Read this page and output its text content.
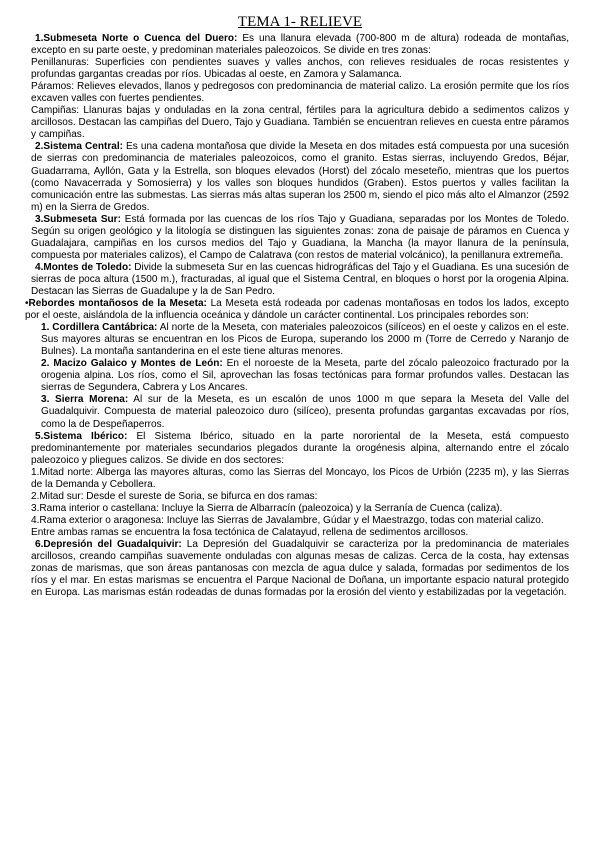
TEMA 1- RELIEVE

1.Submeseta Norte o Cuenca del Duero: Es una llanura elevada (700-800 m de altura) rodeada de montañas, excepto en su parte oeste, y predominan materiales paleozoicos. Se divide en tres zonas:

Penillanuras: Superficies con pendientes suaves y valles anchos, con relieves residuales de rocas resistentes y profundas gargantas creadas por ríos. Ubicadas al oeste, en Zamora y Salamanca.

Páramos: Relieves elevados, llanos y pedregosos con predominancia de material calizo. La erosión permite que los ríos excaven valles con fuertes pendientes.

Campiñas: Llanuras bajas y onduladas en la zona central, fértiles para la agricultura debido a sedimentos calizos y arcillosos. Destacan las campiñas del Duero, Tajo y Guadiana. También se encuentran relieves en cuesta entre páramos y campiñas.

2.Sistema Central: Es una cadena montañosa que divide la Meseta en dos mitades está compuesta por una sucesión de sierras con predominancia de materiales paleozoicos, como el granito. Estas sierras, incluyendo Gredos, Béjar, Guadarrama, Ayllón, Gata y la Estrella, son bloques elevados (Horst) del zócalo meseteño, mientras que los puertos (como Navacerrada y Somosierra) y los valles son bloques hundidos (Graben). Estos puertos y valles facilitan la comunicación entre las submestas. Las sierras más altas superan los 2500 m, siendo el pico más alto el Almanzor (2592 m) en la Sierra de Gredos.

3.Submeseta Sur: Está formada por las cuencas de los ríos Tajo y Guadiana, separadas por los Montes de Toledo. Según su origen geológico y la litología se distinguen las siguientes zonas: zona de paisaje de páramos en Cuenca y Guadalajara, campiñas en los cursos medios del Tajo y Guadiana, la Mancha (la mayor llanura de la península, compuesta por materiales calizos), el Campo de Calatrava (con restos de material volcánico), la penillanura extremeña.

4.Montes de Toledo: Divide la submeseta Sur en las cuencas hidrográficas del Tajo y el Guadiana. Es una sucesión de sierras de poca altura (1500 m.), fracturadas, al igual que el Sistema Central, en bloques o horst por la orogenia Alpina. Destacan las Sierras de Guadalupe y la de San Pedro.

•Rebordes montañosos de la Meseta: La Meseta está rodeada por cadenas montañosas en todos los lados, excepto por el oeste, aislándola de la influencia oceánica y dándole un carácter continental. Los principales rebordes son:

1. Cordillera Cantábrica: Al norte de la Meseta, con materiales paleozoicos (silíceos) en el oeste y calizos en el este. Sus mayores alturas se encuentran en los Picos de Europa, superando los 2000 m (Torre de Cerredo y Naranjo de Bulnes). La montaña santanderina en el este tiene alturas menores.

2. Macizo Galaico y Montes de León: En el noroeste de la Meseta, parte del zócalo paleozoico fracturado por la orogenia alpina. Los ríos, como el Sil, aprovechan las fosas tectónicas para formar profundos valles. Destacan las sierras de Segundera, Cabrera y Los Ancares.

3. Sierra Morena: Al sur de la Meseta, es un escalón de unos 1000 m que separa la Meseta del Valle del Guadalquivir. Compuesta de material paleozoico duro (silíceo), presenta profundas gargantas excavadas por ríos, como la de Despeñaperros.

5.Sistema Ibérico: El Sistema Ibérico, situado en la parte nororiental de la Meseta, está compuesto predominantemente por materiales secundarios plegados durante la orogénesis alpina, alternando entre el zócalo paleozoico y pliegues calizos. Se divide en dos sectores:

1.Mitad norte: Alberga las mayores alturas, como las Sierras del Moncayo, los Picos de Urbión (2235 m), y las Sierras de la Demanda y Cebollera.

2.Mitad sur: Desde el sureste de Soria, se bifurca en dos ramas:

3.Rama interior o castellana: Incluye la Sierra de Albarracín (paleozoica) y la Serranía de Cuenca (caliza).

4.Rama exterior o aragonesa: Incluye las Sierras de Javalambre, Gúdar y el Maestrazgo, todas con material calizo.

Entre ambas ramas se encuentra la fosa tectónica de Calatayud, rellena de sedimentos arcillosos.

6.Depresión del Guadalquivir: La Depresión del Guadalquivir se caracteriza por la predominancia de materiales arcillosos, creando campiñas suavemente onduladas con algunas mesas de calizas. Cerca de la costa, hay extensas zonas de marismas, que son áreas pantanosas con mezcla de agua dulce y salada, formadas por sedimentos de los ríos y el mar. En estas marismas se encuentra el Parque Nacional de Doñana, un importante espacio natural protegido en Europa. Las marismas están rodeadas de dunas formadas por la erosión del viento y estabilizadas por la vegetación.
